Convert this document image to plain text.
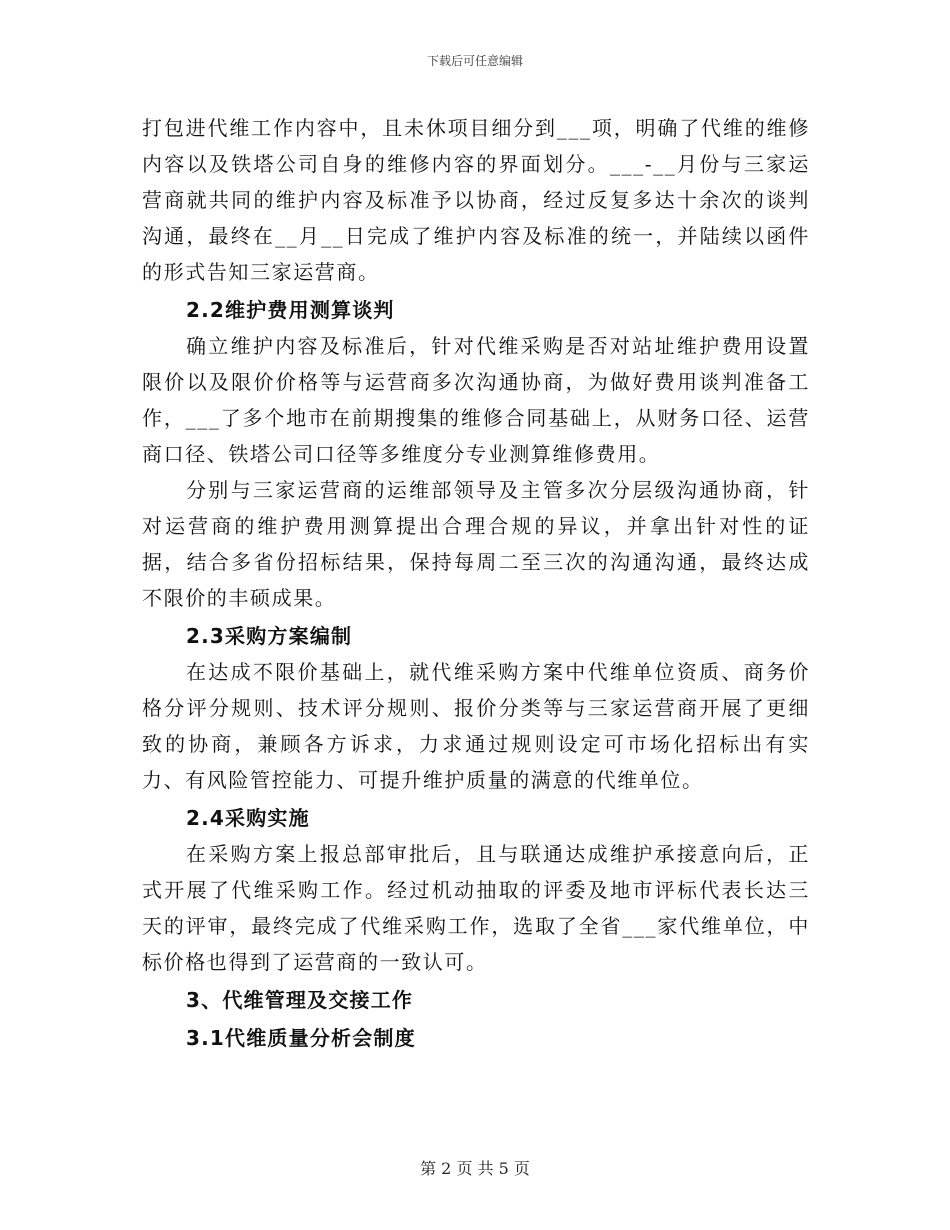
下载后可任意编辑

打包进代维工作内容中，且未休项目细分到___项，明确了代维的维修内容以及铁塔公司自身的维修内容的界面划分。___-__月份与三家运营商就共同的维护内容及标准予以协商，经过反复多达十余次的谈判沟通，最终在__月__日完成了维护内容及标准的统一，并陆续以函件的形式告知三家运营商。

2.2维护费用测算谈判

确立维护内容及标准后，针对代维采购是否对站址维护费用设置限价以及限价价格等与运营商多次沟通协商，为做好费用谈判准备工作，___了多个地市在前期搜集的维修合同基础上，从财务口径、运营商口径、铁塔公司口径等多维度分专业测算维修费用。

分别与三家运营商的运维部领导及主管多次分层级沟通协商，针对运营商的维护费用测算提出合理合规的异议，并拿出针对性的证据，结合多省份招标结果，保持每周二至三次的沟通沟通，最终达成不限价的丰硕成果。

2.3采购方案编制

在达成不限价基础上，就代维采购方案中代维单位资质、商务价格分评分规则、技术评分规则、报价分类等与三家运营商开展了更细致的协商，兼顾各方诉求，力求通过规则设定可市场化招标出有实力、有风险管控能力、可提升维护质量的满意的代维单位。

2.4采购实施

在采购方案上报总部审批后，且与联通达成维护承接意向后，正式开展了代维采购工作。经过机动抽取的评委及地市评标代表长达三天的评审，最终完成了代维采购工作，选取了全省___家代维单位，中标价格也得到了运营商的一致认可。

3、代维管理及交接工作

3.1代维质量分析会制度

第 2 页 共 5 页
